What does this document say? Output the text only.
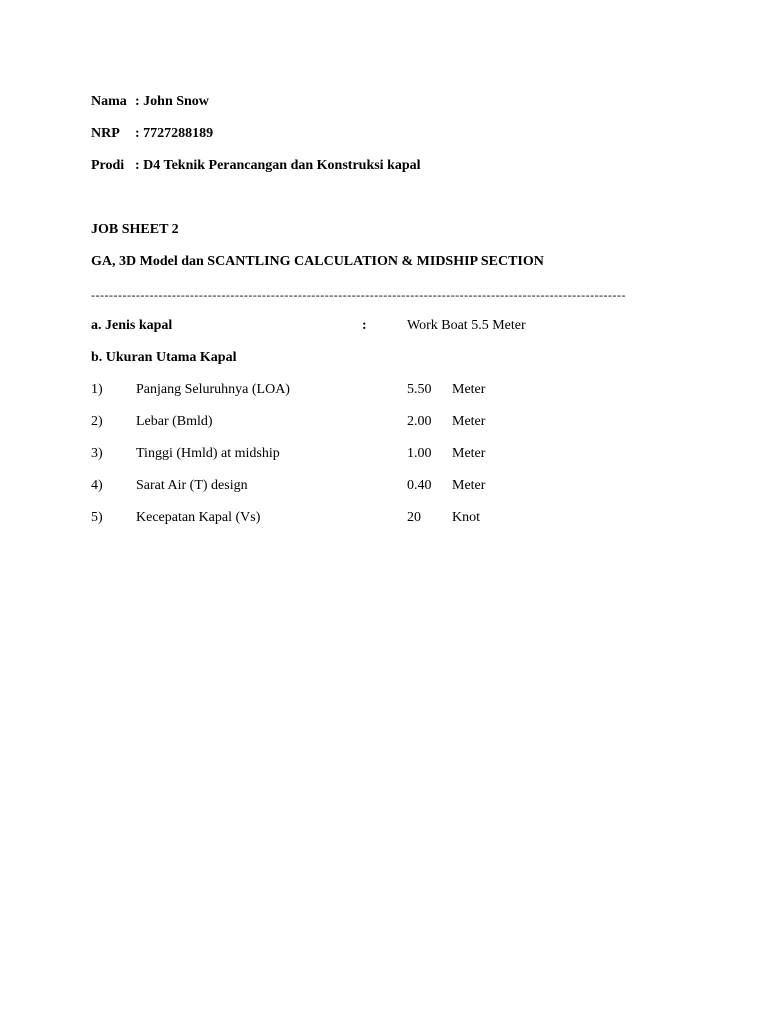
Nama : John Snow
NRP : 7727288189
Prodi : D4 Teknik Perancangan dan Konstruksi kapal
JOB SHEET 2
GA, 3D Model dan SCANTLING CALCULATION & MIDSHIP SECTION
-----------------------------------------------------------------------------------------------------------------------
a. Jenis kapal	:	Work Boat 5.5 Meter
b. Ukuran Utama Kapal
1) Panjang Seluruhnya (LOA)	5.50 Meter
2) Lebar (Bmld)	2.00 Meter
3) Tinggi (Hmld) at midship	1.00 Meter
4) Sarat Air (T) design	0.40 Meter
5) Kecepatan Kapal (Vs)	20 Knot
